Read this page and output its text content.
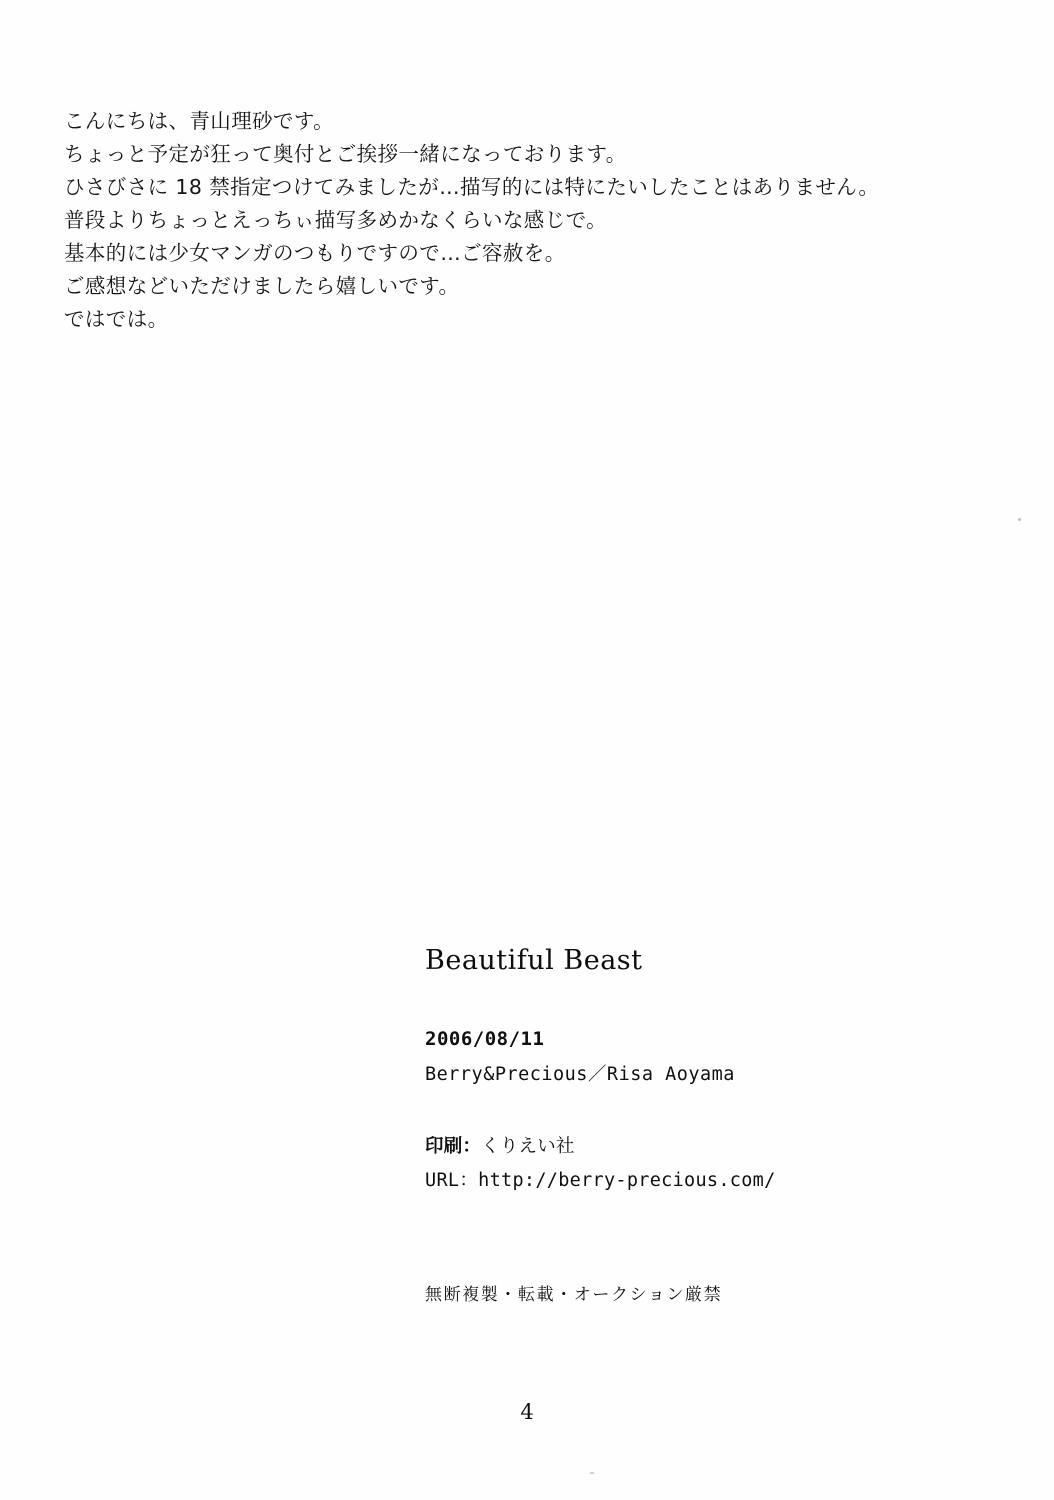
こんにちは、青山理砂です。

ちょっと予定が狂って奥付とご挨拶一緒になっております。

ひさびさに 18 禁指定つけてみましたが…描写的には特にたいしたことはありません。

普段よりちょっとえっちぃ描写多めかなくらいな感じで。

基本的には少女マンガのつもりですので…ご容赦を。

ご感想などいただけましたら嬉しいです。

ではでは。

Beautiful Beast

2006/08/11

Berry&Precious／Risa Aoyama

印刷：くりえい社

URL：http://berry-precious.com/

無断複製・転載・オークション厳禁
4
